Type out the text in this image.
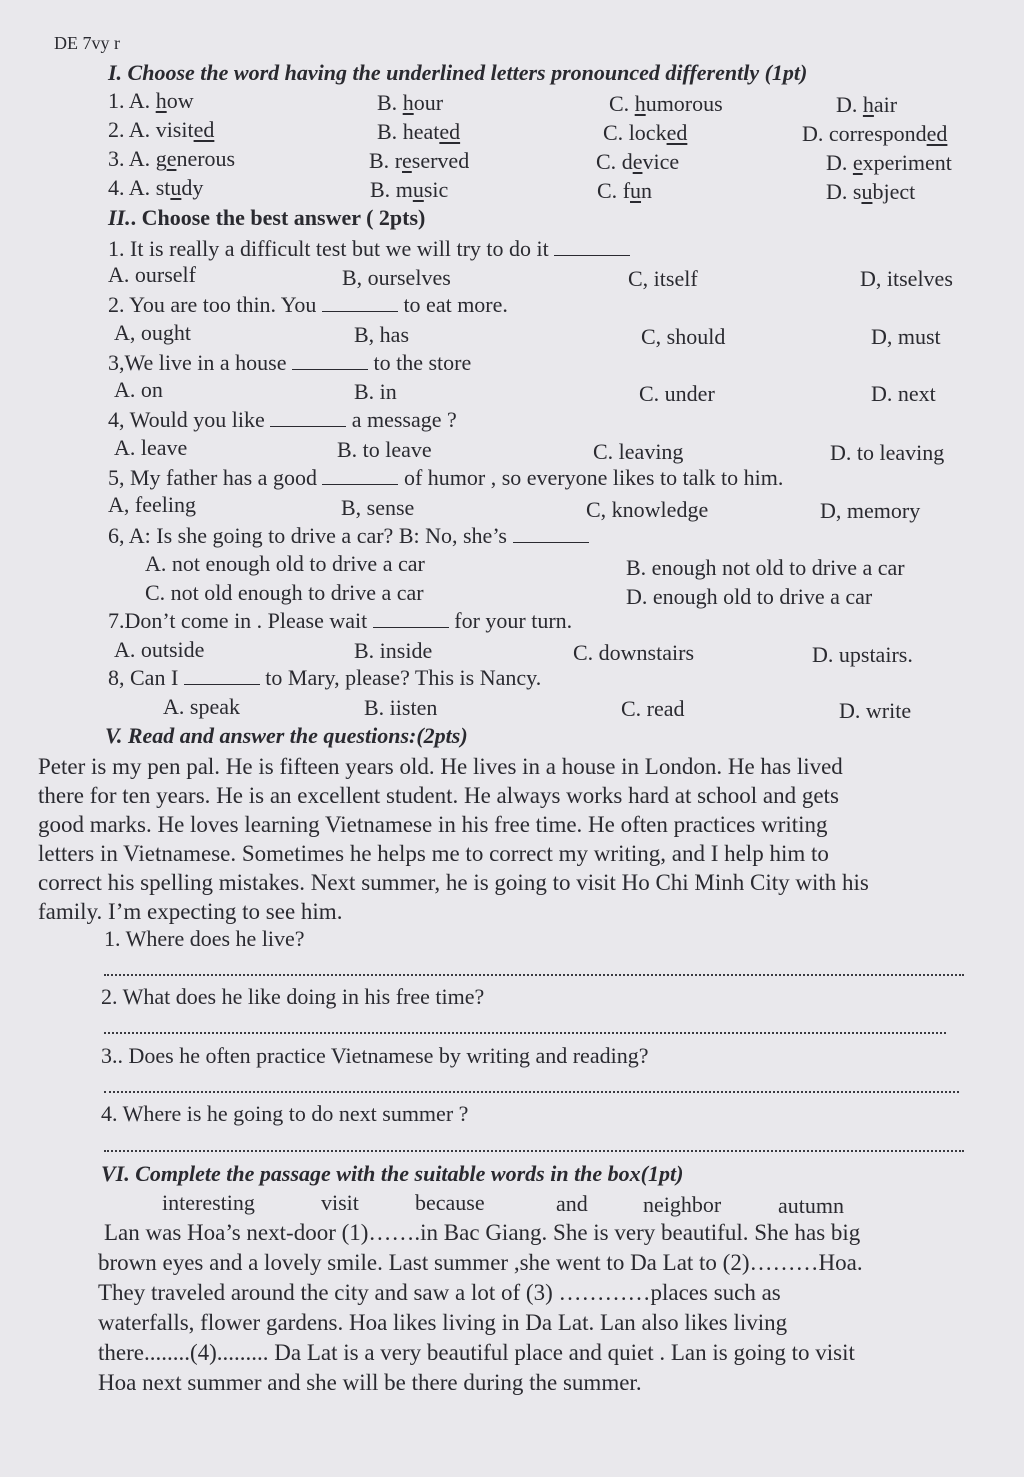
DE 7vy r
I. Choose the word having the underlined letters pronounced differently (1pt)
1. A. how	B. hour	C. humorous	D. hair
2. A. visited	B. heated	C. locked	D. corresponded
3. A. generous	B. reserved	C. device	D. experiment
4. A. study	B. music	C. fun	D. subject
II.. Choose the best answer ( 2pts)
1. It is really a difficult test but we will try to do it
A. ourself	B, ourselves	C, itself	D, itselves
2. You are too thin. You	to eat more.
A, ought	B, has	C, should	D, must
3,We live in a house	to the store
A. on	B. in	C. under	D. next
4, Would you like	a message ?
A. leave	B. to leave	C. leaving	D. to leaving
5, My father has a good	of humor , so everyone likes to talk to him.
A, feeling	B, sense	C, knowledge	D, memory
6, A: Is she going to drive a car? B: No, she’s
A. not enough old to drive a car	B. enough not old to drive a car
C. not old enough to drive a car	D. enough old to drive a car
7.Don’t come in . Please wait	for your turn.
A. outside	B. inside	C. downstairs	D. upstairs.
8, Can I	to Mary, please? This is Nancy.
A. speak	B. iisten	C. read	D. write
V. Read and answer the questions:(2pts)
Peter is my pen pal. He is fifteen years old. He lives in a house in London. He has lived
there for ten years. He is an excellent student. He always works hard at school and gets
good marks. He loves learning Vietnamese in his free time. He often practices writing
letters in Vietnamese. Sometimes he helps me to correct my writing, and I help him to
correct his spelling mistakes. Next summer, he is going to visit Ho Chi Minh City with his
family. I’m expecting to see him.
1. Where does he live?
2. What does he like doing in his free time?
3.. Does he often practice Vietnamese by writing and reading?
4. Where is he going to do next summer ?
VI. Complete the passage with the suitable words in the box(1pt)
interesting	visit	because	and	neighbor	autumn
Lan was Hoa’s next-door (1)…….in Bac Giang. She is very beautiful. She has big
brown eyes and a lovely smile. Last summer ,she went to Da Lat to (2)………Hoa.
They traveled around the city and saw a lot of (3) …………places such as
waterfalls, flower gardens. Hoa likes living in Da Lat. Lan also likes living
there........(4)......... Da Lat is a very beautiful place and quiet . Lan is going to visit
Hoa next summer and she will be there during the summer.
